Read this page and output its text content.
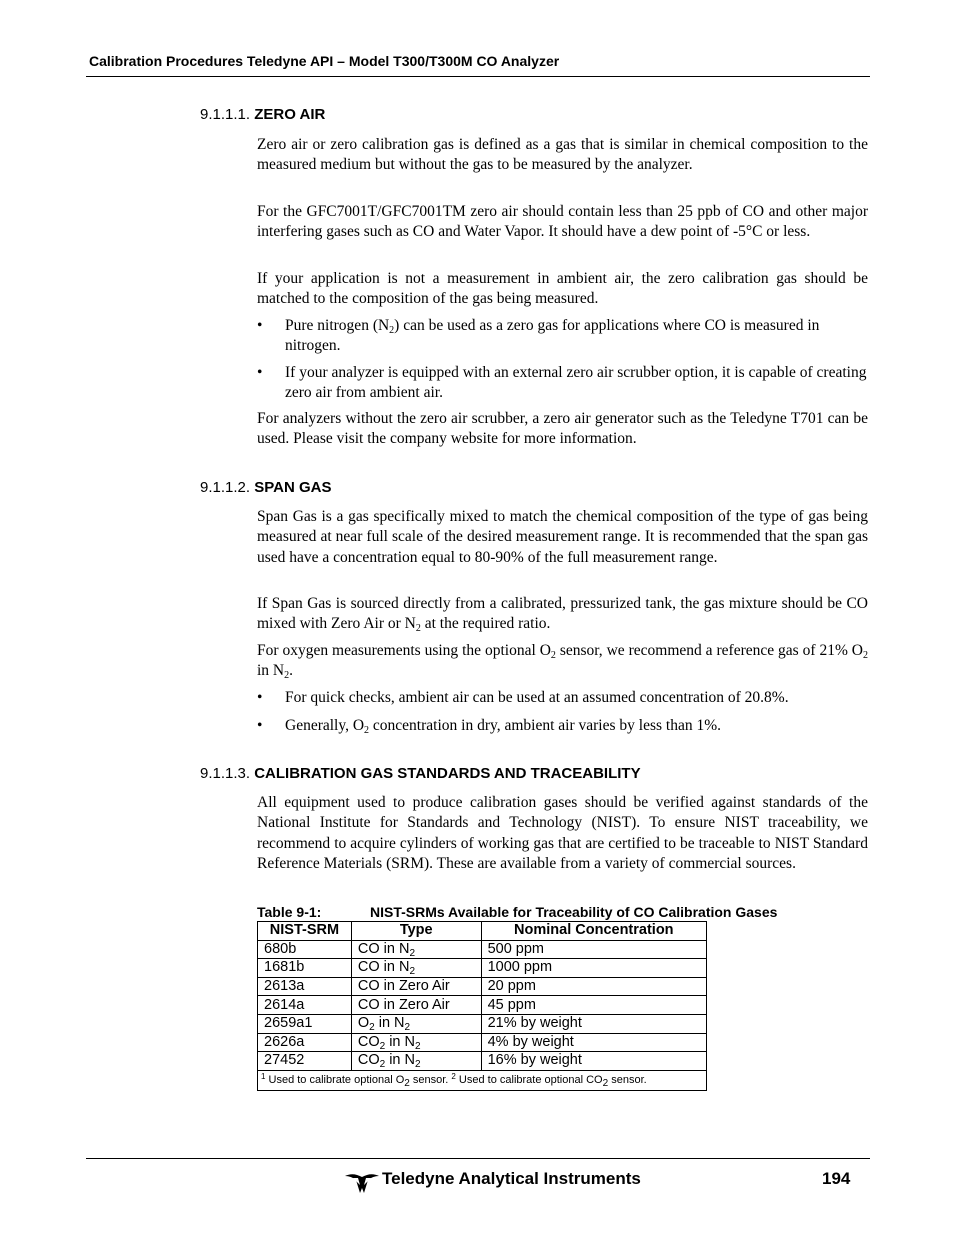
Calibration Procedures Teledyne API – Model T300/T300M CO Analyzer
9.1.1.1. ZERO AIR
Zero air or zero calibration gas is defined as a gas that is similar in chemical composition to the measured medium but without the gas to be measured by the analyzer.
For the GFC7001T/GFC7001TM zero air should contain less than 25 ppb of CO and other major interfering gases such as CO and Water Vapor. It should have a dew point of -5°C or less.
If your application is not a measurement in ambient air, the zero calibration gas should be matched to the composition of the gas being measured.
• Pure nitrogen $(N_2)$ can be used as a zero gas for applications where CO is measured in nitrogen.
• If your analyzer is equipped with an external zero air scrubber option, it is capable of creating zero air from ambient air.
For analyzers without the zero air scrubber, a zero air generator such as the Teledyne T701 can be used. Please visit the company website for more information.
9.1.1.2. SPAN GAS
Span Gas is a gas specifically mixed to match the chemical composition of the type of gas being measured at near full scale of the desired measurement range. It is recommended that the span gas used have a concentration equal to 80-90% of the full measurement range.
If Span Gas is sourced directly from a calibrated, pressurized tank, the gas mixture should be CO mixed with Zero Air or $N_2$ at the required ratio.
For oxygen measurements using the optional $O_2$ sensor, we recommend a reference gas of 21% $O_2$ in $N_2$.
• For quick checks, ambient air can be used at an assumed concentration of 20.8%.
• Generally, $O_2$ concentration in dry, ambient air varies by less than 1%.
9.1.1.3. CALIBRATION GAS STANDARDS AND TRACEABILITY
All equipment used to produce calibration gases should be verified against standards of the National Institute for Standards and Technology (NIST). To ensure NIST traceability, we recommend to acquire cylinders of working gas that are certified to be traceable to NIST Standard Reference Materials (SRM). These are available from a variety of commercial sources.
Table 9-1:	NIST-SRMs Available for Traceability of CO Calibration Gases
NIST-SRM	Type	Nominal Concentration
680b	CO in $N_2$	500 ppm
1681b	CO in $N_2$	1000 ppm
2613a	CO in Zero Air	20 ppm
2614a	CO in Zero Air	45 ppm
2659a1	$O_2$ in $N_2$	21% by weight
2626a	$CO_2$ in $N_2$	4% by weight
27452	$CO_2$ in $N_2$	16% by weight
$^1$ Used to calibrate optional $O_2$ sensor. $^2$ Used to calibrate optional $CO_2$ sensor.		
Teledyne Analytical Instruments	194
